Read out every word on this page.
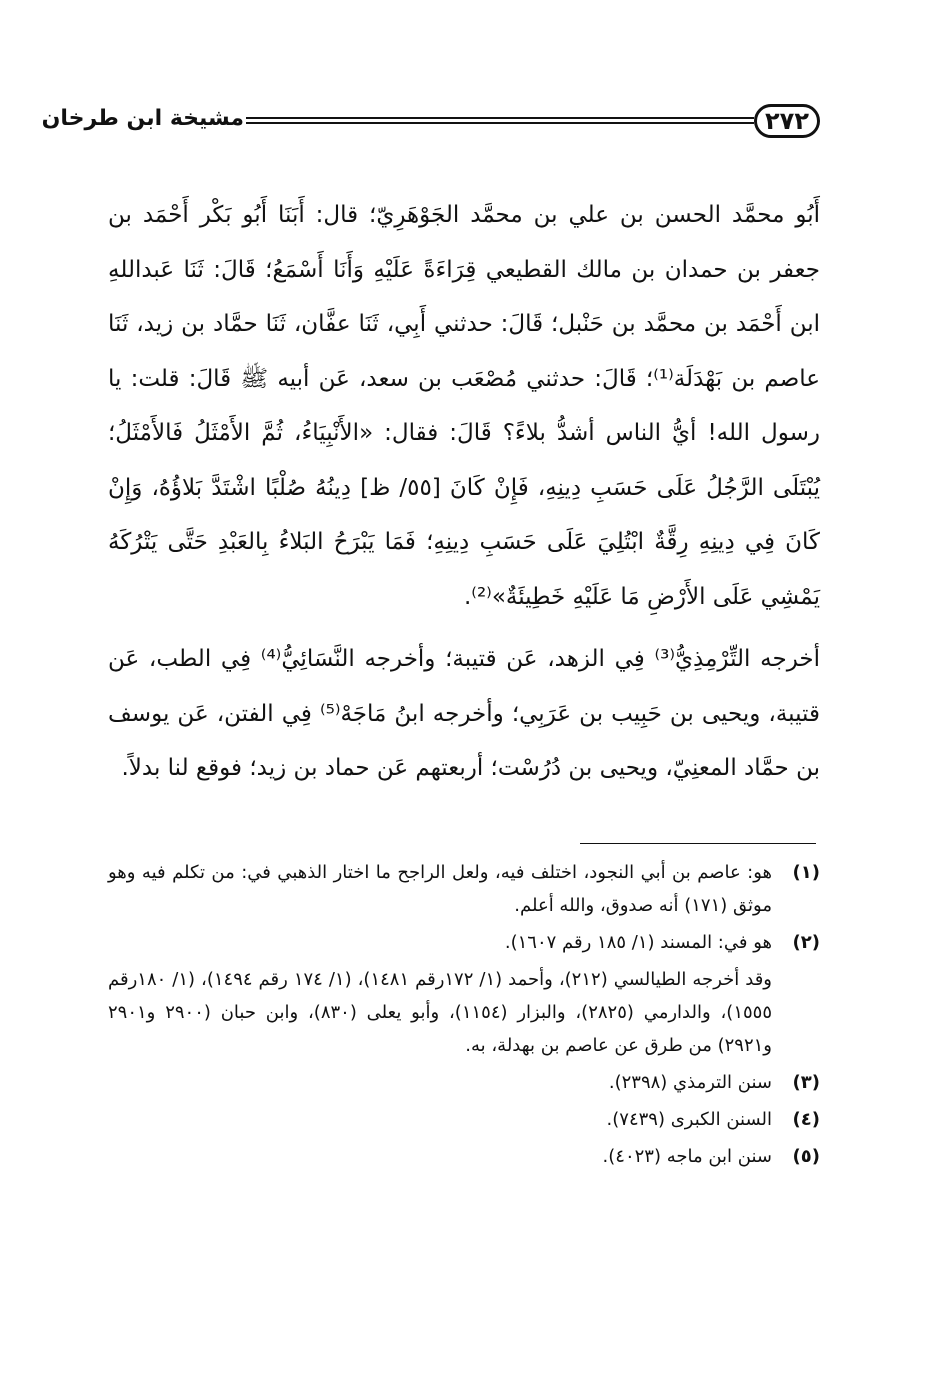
٢٧٢
مشيخة ابن طرخان

أَبُو محمَّد الحسن بن علي بن محمَّد الجَوْهَرِيّ؛ قال: أَبَنَا أَبُو بَكْر أَحْمَد بن جعفر بن حمدان بن مالك القطيعي قِرَاءَةً عَلَيْهِ وَأَنَا أَسْمَعُ؛ قَالَ: ثَنَا عَبداللهِ ابن أَحْمَد بن محمَّد بن حَنْبل؛ قَالَ: حدثني أَبِي، ثَنَا عفَّان، ثَنَا حمَّاد بن زيد، ثَنَا عاصم بن بَهْدَلَة⁽¹⁾؛ قَالَ: حدثني مُصْعَب بن سعد، عَن أبيه ﷺ قَالَ: قلت: يا رسول الله! أيُّ الناس أشدُّ بلاءً؟ قَالَ: فقال: «الأَنْبِيَاءُ، ثُمَّ الأَمْثَلُ فَالأَمْثَلُ؛ يُبْتَلَى الرَّجُلُ عَلَى حَسَبِ دِينِهِ، فَإِنْ كَانَ [٥٥/ ظ] دِينُهُ صُلْبًا اشْتَدَّ بَلاؤُهُ، وَإِنْ كَانَ فِي دِينِهِ رِقَّةٌ ابْتُلِيَ عَلَى حَسَبِ دِينِهِ؛ فَمَا يَبْرَحُ البَلاءُ بِالعَبْدِ حَتَّى يَتْرُكَهُ يَمْشِي عَلَى الأَرْضِ مَا عَلَيْهِ خَطِيئَةٌ»⁽²⁾.

أخرجه التِّرْمِذِيُّ⁽³⁾ فِي الزهد، عَن قتيبة؛ وأخرجه النَّسَائِيُّ⁽⁴⁾ فِي الطب، عَن قتيبة، ويحيى بن حَبِيب بن عَرَبِي؛ وأخرجه ابنُ مَاجَهْ⁽⁵⁾ فِي الفتن، عَن يوسف بن حمَّاد المعنِيّ، ويحيى بن دُرُسْت؛ أربعتهم عَن حماد بن زيد؛ فوقع لنا بدلاً.

(١)
هو: عاصم بن أبي النجود، اختلف فيه، ولعل الراجح ما اختار الذهبي في: من تكلم فيه وهو موثق (١٧١) أنه صدوق، والله أعلم.
(٢)
هو في: المسند (١/ ١٨٥ رقم ١٦٠٧).
وقد أخرجه الطيالسي (٢١٢)، وأحمد (١/ ١٧٢رقم ١٤٨١)، (١/ ١٧٤ رقم ١٤٩٤)، (١/ ١٨٠رقم ١٥٥٥)، والدارمي (٢٨٢٥)، والبزار (١١٥٤)، وأبو يعلى (٨٣٠)، وابن حبان (٢٩٠٠ و٢٩٠١ و٢٩٢١) من طرق عن عاصم بن بهدلة، به.
(٣)
سنن الترمذي (٢٣٩٨).
(٤)
السنن الكبرى (٧٤٣٩).
(٥)
سنن ابن ماجه (٤٠٢٣).
